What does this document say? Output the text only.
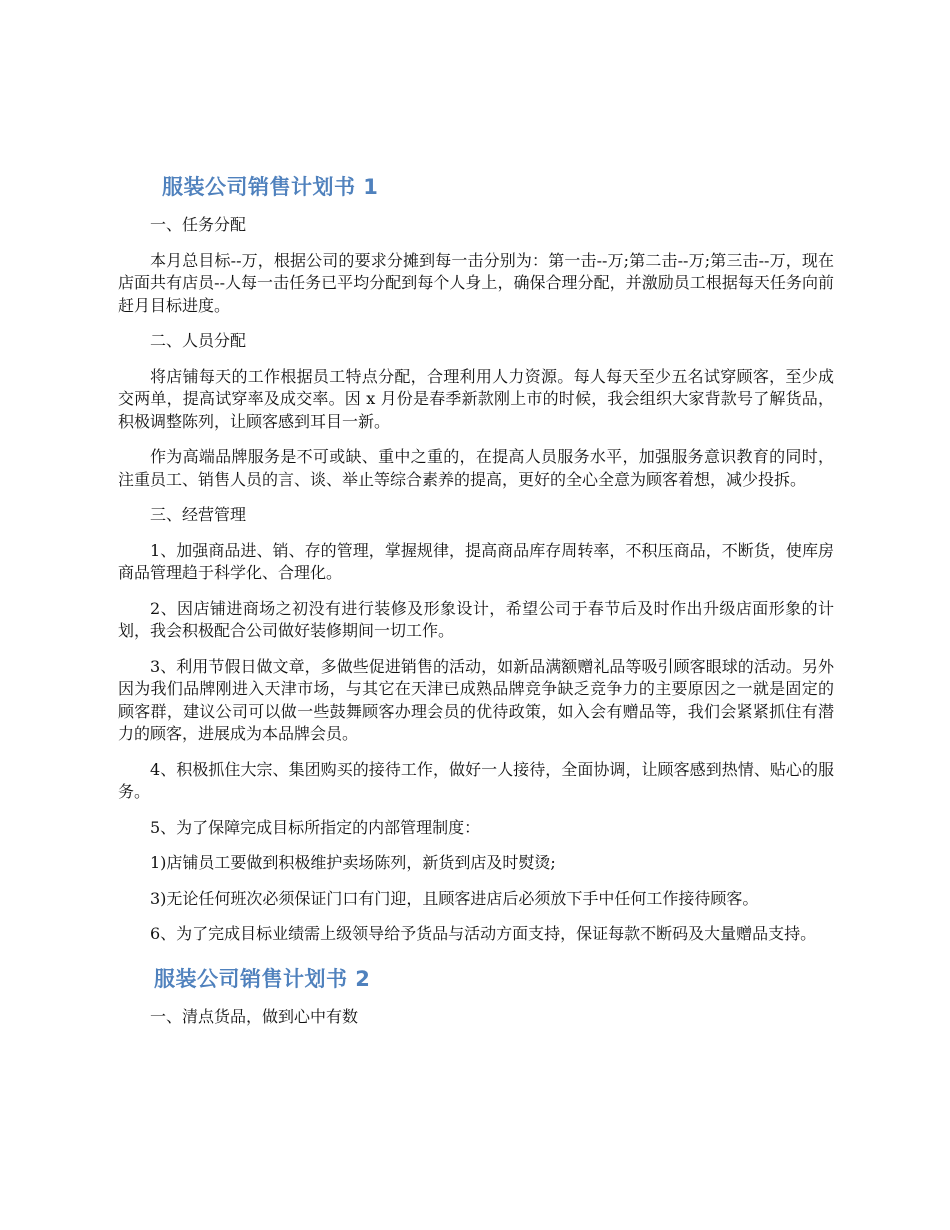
服装公司销售计划书 1
一、任务分配

本月总目标--万，根据公司的要求分摊到每一击分别为：第一击--万;第二击--万;第三击--万，现在店面共有店员--人每一击任务已平均分配到每个人身上，确保合理分配，并激励员工根据每天任务向前赶月目标进度。

二、人员分配

将店铺每天的工作根据员工特点分配，合理利用人力资源。每人每天至少五名试穿顾客，至少成交两单，提高试穿率及成交率。因 x 月份是春季新款刚上市的时候，我会组织大家背款号了解货品，积极调整陈列，让顾客感到耳目一新。

作为高端品牌服务是不可或缺、重中之重的，在提高人员服务水平，加强服务意识教育的同时，注重员工、销售人员的言、谈、举止等综合素养的提高，更好的全心全意为顾客着想，减少投拆。

三、经营管理

1、加强商品进、销、存的管理，掌握规律，提高商品库存周转率，不积压商品，不断货，使库房商品管理趋于科学化、合理化。

2、因店铺进商场之初没有进行装修及形象设计，希望公司于春节后及时作出升级店面形象的计划，我会积极配合公司做好装修期间一切工作。

3、利用节假日做文章，多做些促进销售的活动，如新品满额赠礼品等吸引顾客眼球的活动。另外因为我们品牌刚进入天津市场，与其它在天津已成熟品牌竞争缺乏竞争力的主要原因之一就是固定的顾客群，建议公司可以做一些鼓舞顾客办理会员的优待政策，如入会有赠品等，我们会紧紧抓住有潜力的顾客，进展成为本品牌会员。

4、积极抓住大宗、集团购买的接待工作，做好一人接待，全面协调，让顾客感到热情、贴心的服务。

5、为了保障完成目标所指定的内部管理制度：

1)店铺员工要做到积极维护卖场陈列，新货到店及时熨烫;

3)无论任何班次必须保证门口有门迎，且顾客进店后必须放下手中任何工作接待顾客。

6、为了完成目标业绩需上级领导给予货品与活动方面支持，保证每款不断码及大量赠品支持。

服装公司销售计划书 2
一、清点货品，做到心中有数
